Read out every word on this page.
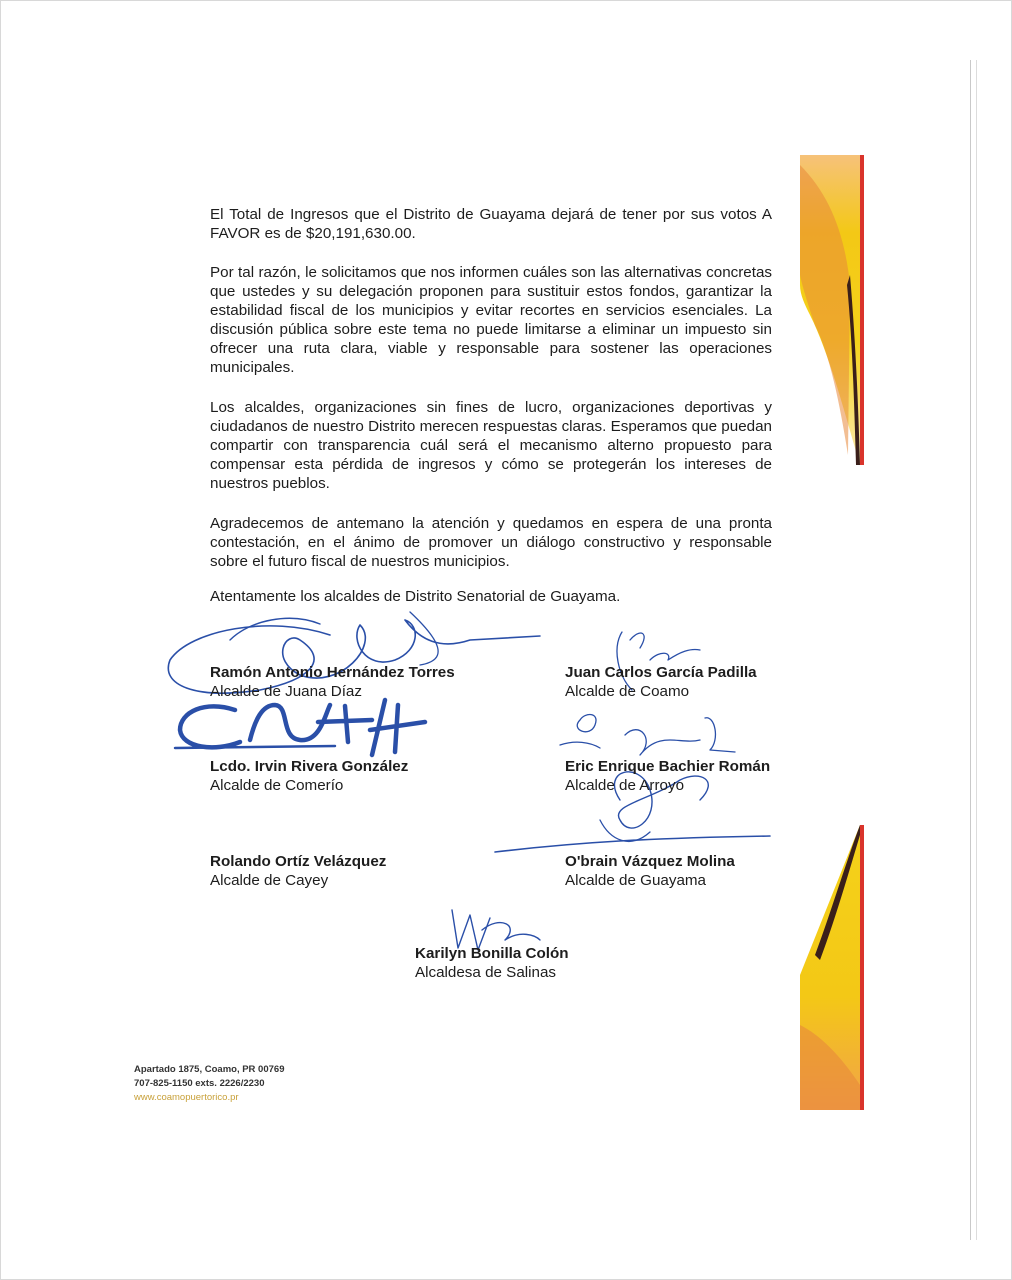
El Total de Ingresos que el Distrito de Guayama dejará de tener por sus votos A FAVOR es de $20,191,630.00.
Por tal razón, le solicitamos que nos informen cuáles son las alternativas concretas que ustedes y su delegación proponen para sustituir estos fondos, garantizar la estabilidad fiscal de los municipios y evitar recortes en servicios esenciales. La discusión pública sobre este tema no puede limitarse a eliminar un impuesto sin ofrecer una ruta clara, viable y responsable para sostener las operaciones municipales.
Los alcaldes, organizaciones sin fines de lucro, organizaciones deportivas y ciudadanos de nuestro Distrito merecen respuestas claras. Esperamos que puedan compartir con transparencia cuál será el mecanismo alterno propuesto para compensar esta pérdida de ingresos y cómo se protegerán los intereses de nuestros pueblos.
Agradecemos de antemano la atención y quedamos en espera de una pronta contestación, en el ánimo de promover un diálogo constructivo y responsable sobre el futuro fiscal de nuestros municipios.
Atentamente los alcaldes de Distrito Senatorial de Guayama.
Ramón Antonio Hernández Torres
Alcalde de Juana Díaz
Juan Carlos García Padilla
Alcalde de Coamo
Lcdo. Irvin Rivera González
Alcalde de Comerío
Eric Enrique Bachier Román
Alcalde de Arroyo
Rolando Ortíz Velázquez
Alcalde de Cayey
O'brain Vázquez Molina
Alcalde de Guayama
Karilyn Bonilla Colón
Alcaldesa de Salinas
Apartado 1875, Coamo, PR 00769
707-825-1150 exts. 2226/2230
www.coamopuertorico.pr
